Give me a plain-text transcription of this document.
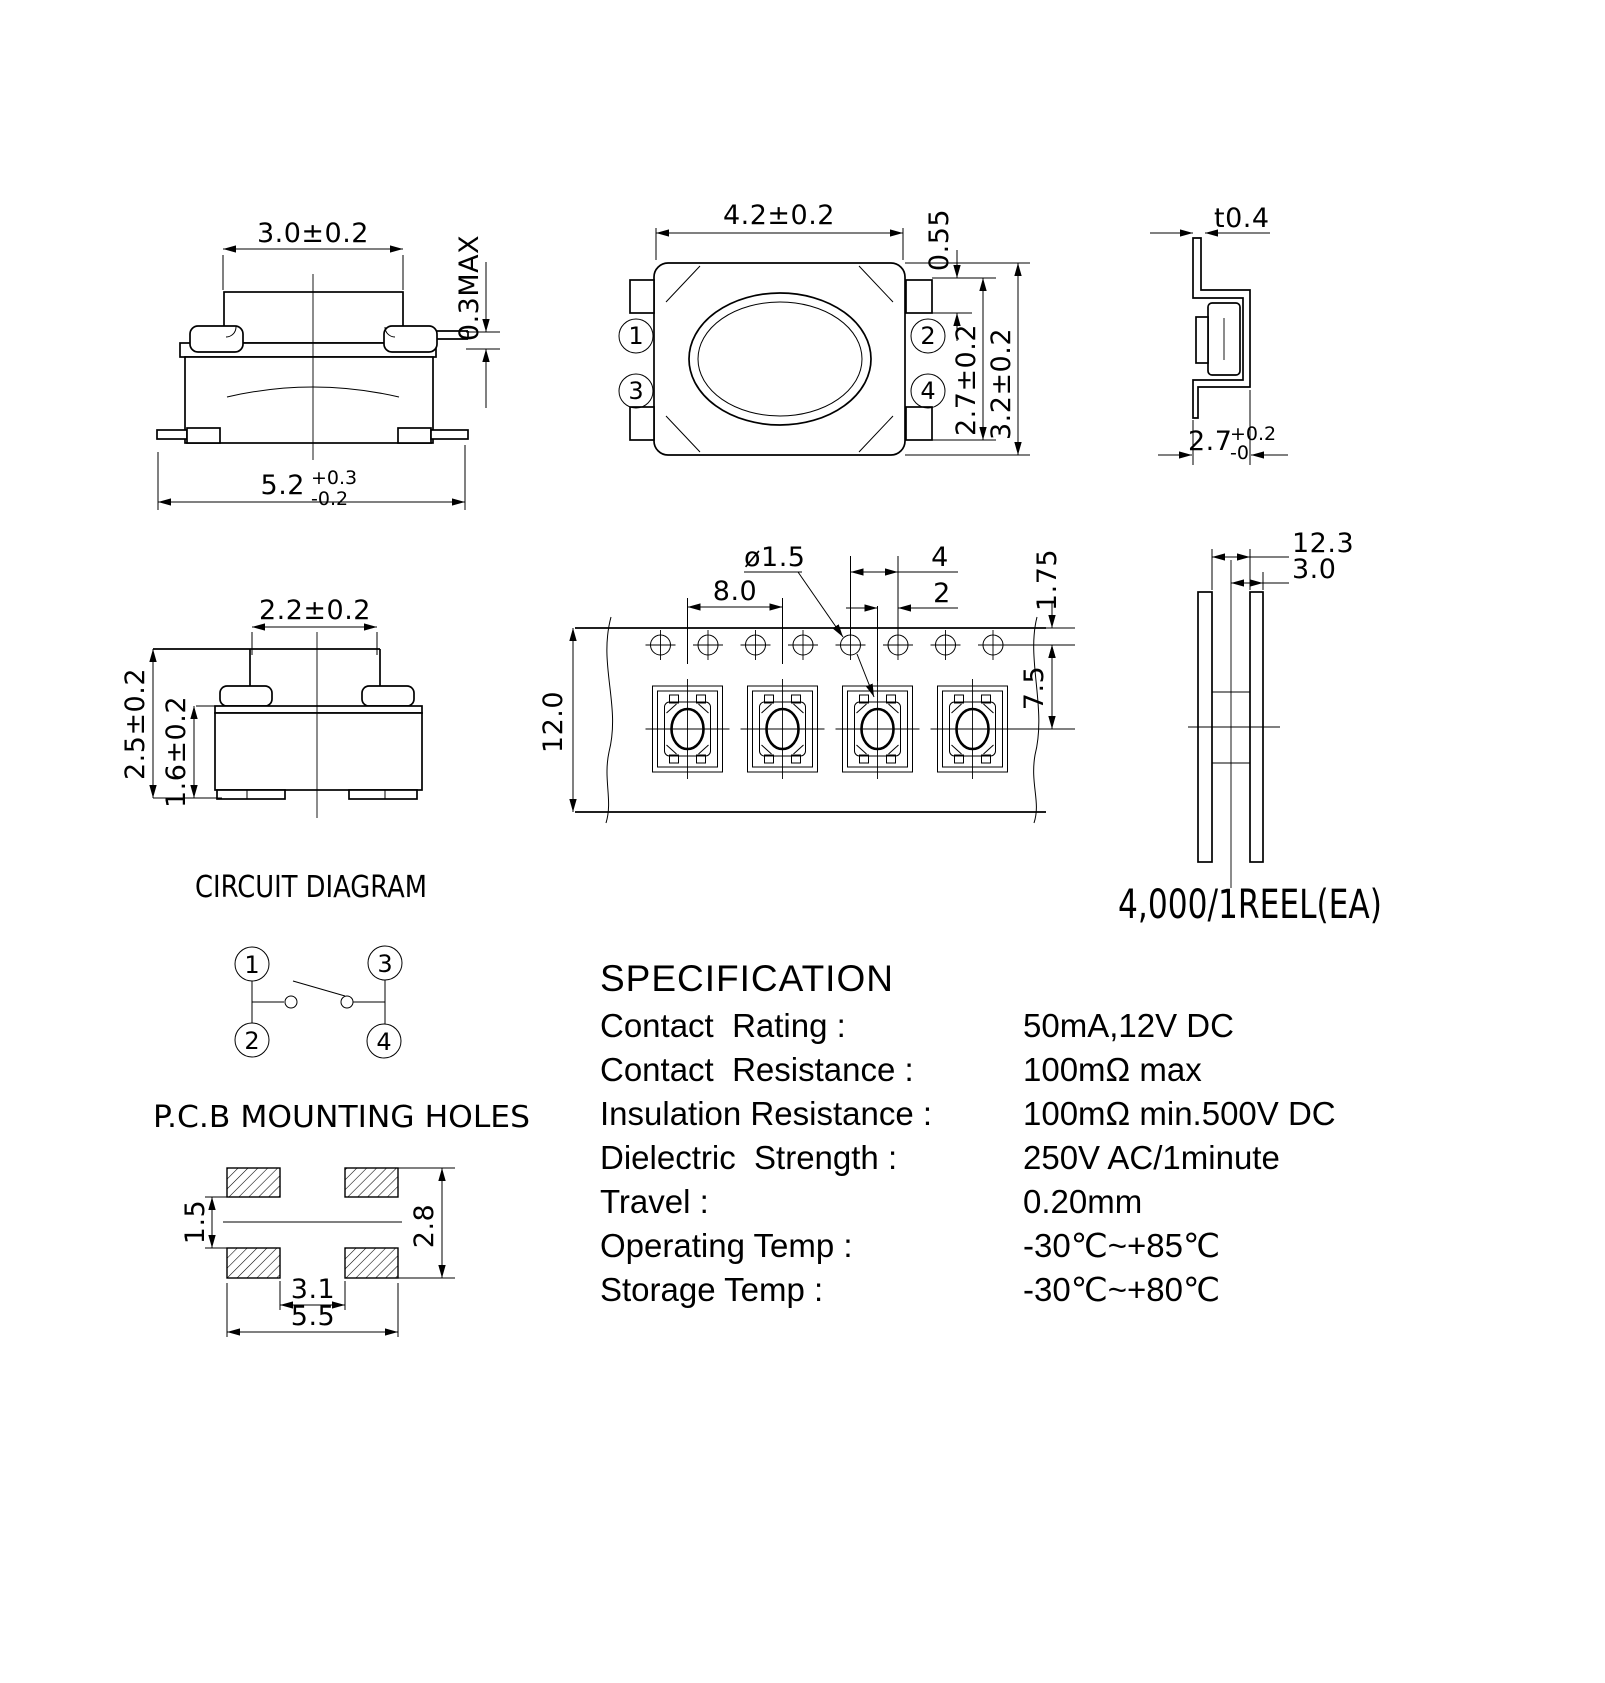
3.0±0.2
0.3MAX
5.2 +0.3
-0.2
4.2±0.2
1
3
2
4
0.55
2.7±0.2 3.2±0.2
t0.4
2.7
+0.2
-0
2.2±0.2
2.5±0.2 1.6±0.2	12.0
8.0
ø1.5	4
2	1.75
7.5
12.3
3.0
4,000/1REEL(EA)
CIRCUIT DIAGRAM
1	3
2	4
P.C.B MOUNTING HOLES
1.5	2.8
3.1
5.5
SPECIFICATION
Contact  Rating :	50mA,12V DC
Contact  Resistance :	100mΩ max
Insulation Resistance :	100mΩ min.500V DC
Dielectric  Strength :	250V AC/1minute
Travel :	0.20mm
Operating Temp :	-30℃~+85℃
Storage Temp :	-30℃~+80℃
